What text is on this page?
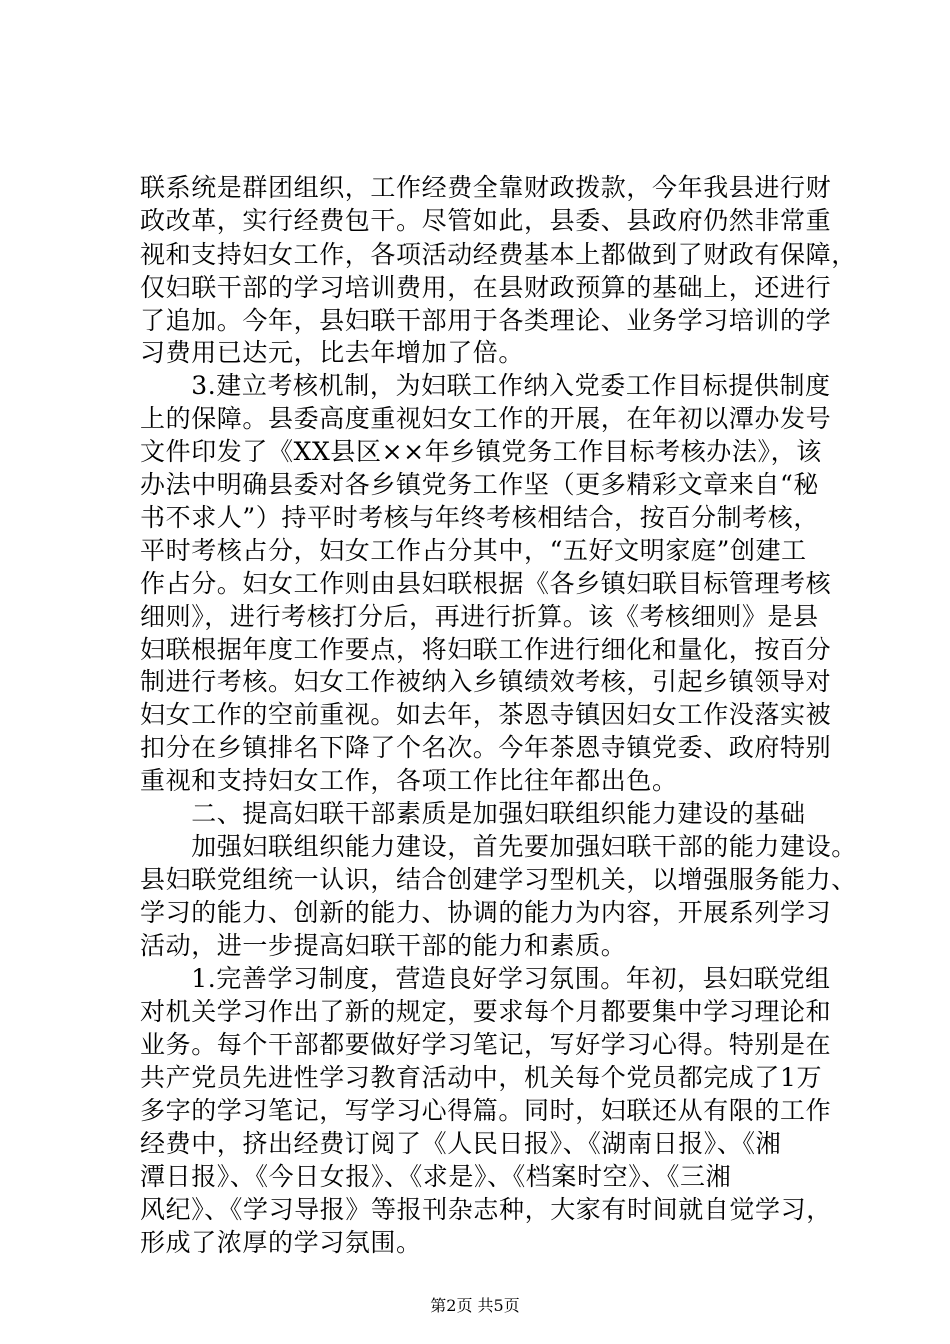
联系统是群团组织，工作经费全靠财政拨款，今年我县进行财
政改革，实行经费包干。尽管如此，县委、县政府仍然非常重
视和支持妇女工作，各项活动经费基本上都做到了财政有保障，
仅妇联干部的学习培训费用，在县财政预算的基础上，还进行
了追加。今年，县妇联干部用于各类理论、业务学习培训的学
习费用已达元，比去年增加了倍。
　　3.建立考核机制，为妇联工作纳入党委工作目标提供制度
上的保障。县委高度重视妇女工作的开展，在年初以潭办发号
文件印发了《XX县区××年乡镇党务工作目标考核办法》，该
办法中明确县委对各乡镇党务工作坚（更多精彩文章来自“秘
书不求人”）持平时考核与年终考核相结合，按百分制考核，
平时考核占分，妇女工作占分其中，“五好文明家庭”创建工
作占分。妇女工作则由县妇联根据《各乡镇妇联目标管理考核
细则》，进行考核打分后，再进行折算。该《考核细则》是县
妇联根据年度工作要点，将妇联工作进行细化和量化，按百分
制进行考核。妇女工作被纳入乡镇绩效考核，引起乡镇领导对
妇女工作的空前重视。如去年，茶恩寺镇因妇女工作没落实被
扣分在乡镇排名下降了个名次。今年茶恩寺镇党委、政府特别
重视和支持妇女工作，各项工作比往年都出色。
　　二、提高妇联干部素质是加强妇联组织能力建设的基础
　　加强妇联组织能力建设，首先要加强妇联干部的能力建设。
县妇联党组统一认识，结合创建学习型机关，以增强服务能力、
学习的能力、创新的能力、协调的能力为内容，开展系列学习
活动，进一步提高妇联干部的能力和素质。
　　1.完善学习制度，营造良好学习氛围。年初，县妇联党组
对机关学习作出了新的规定，要求每个月都要集中学习理论和
业务。每个干部都要做好学习笔记，写好学习心得。特别是在
共产党员先进性学习教育活动中，机关每个党员都完成了1万
多字的学习笔记，写学习心得篇。同时，妇联还从有限的工作
经费中，挤出经费订阅了《人民日报》、《湖南日报》、《湘
潭日报》、《今日女报》、《求是》、《档案时空》、《三湘
风纪》、《学习导报》等报刊杂志种，大家有时间就自觉学习，
形成了浓厚的学习氛围。
第2页 共5页
